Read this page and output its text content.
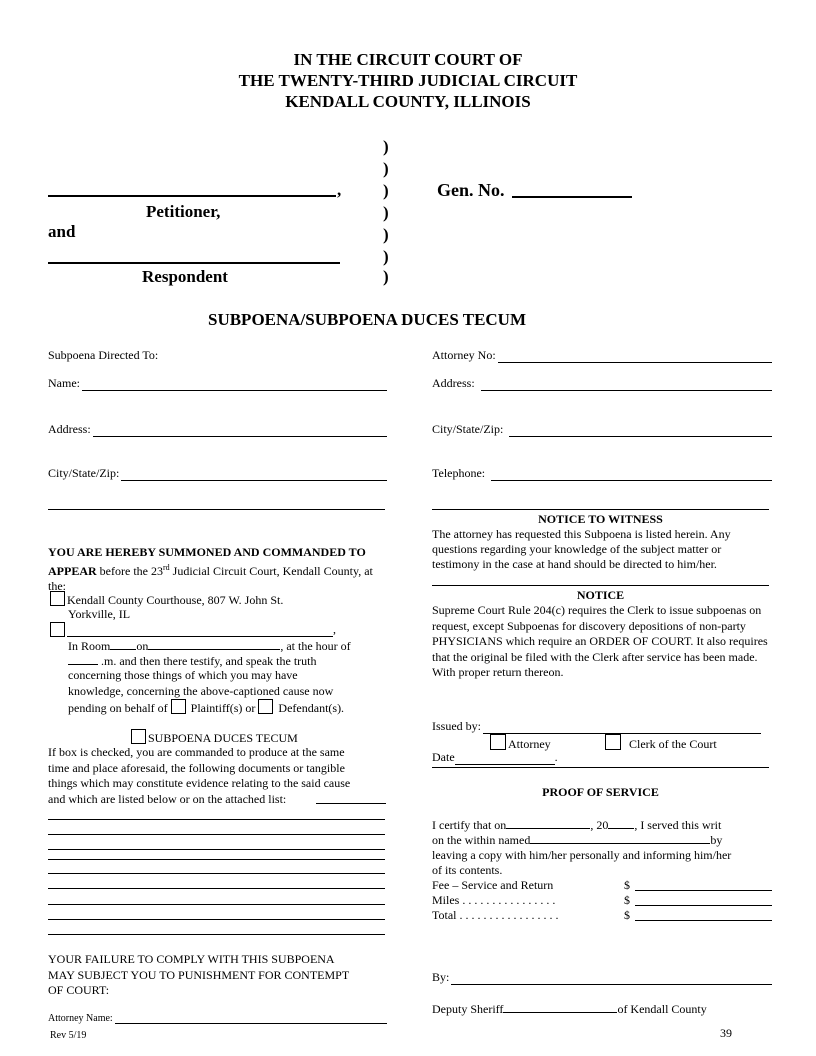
IN THE CIRCUIT COURT OF
THE TWENTY-THIRD JUDICIAL CIRCUIT
KENDALL COUNTY, ILLINOIS
)
)
)
)
)
)
)
,
Petitioner,
and
Respondent
Gen. No.
SUBPOENA/SUBPOENA DUCES TECUM
Subpoena Directed To:
Name:
Address:
City/State/Zip:
YOU ARE HEREBY SUMMONED AND COMMANDED TO APPEAR before the 23rd Judicial Circuit Court, Kendall County, at the:
Kendall County Courthouse, 807 W. John St.
Yorkville, IL
,
In Room on	, at the hour of
.m. and then there testify, and speak the truth
concerning those things of which you may have
knowledge, concerning the above-captioned cause now
pending on behalf of Plaintiff(s) or Defendant(s).
SUBPOENA DUCES TECUM
If box is checked, you are commanded to produce at the same
time and place aforesaid, the following documents or tangible
things which may constitute evidence relating to the said cause
and which are listed below or on the attached list:
YOUR FAILURE TO COMPLY WITH THIS SUBPOENA
MAY SUBJECT YOU TO PUNISHMENT FOR CONTEMPT
OF COURT:
Attorney Name:
Rev 5/19
Attorney No:
Address:
City/State/Zip:
Telephone:
NOTICE TO WITNESS
The attorney has requested this Subpoena is listed herein. Any questions regarding your knowledge of the subject matter or testimony in the case at hand should be directed to him/her.
NOTICE
Supreme Court Rule 204(c) requires the Clerk to issue subpoenas on request, except Subpoenas for discovery depositions of non-party PHYSICIANS which require an ORDER OF COURT. It also requires that the original be filed with the Clerk after service has been made. With proper return thereon.
Issued by:
Attorney	Clerk of the Court
Date	.
PROOF OF SERVICE
I certify that on	, 20 , I served this writ
on the within named	by
leaving a copy with him/her personally and informing him/her
of its contents.
Fee – Service and Return	$
Miles . . . . . . . . . . . . . . . .	$
Total . . . . . . . . . . . . . . . . .	$
By:
Deputy Sheriff	of Kendall County
39
